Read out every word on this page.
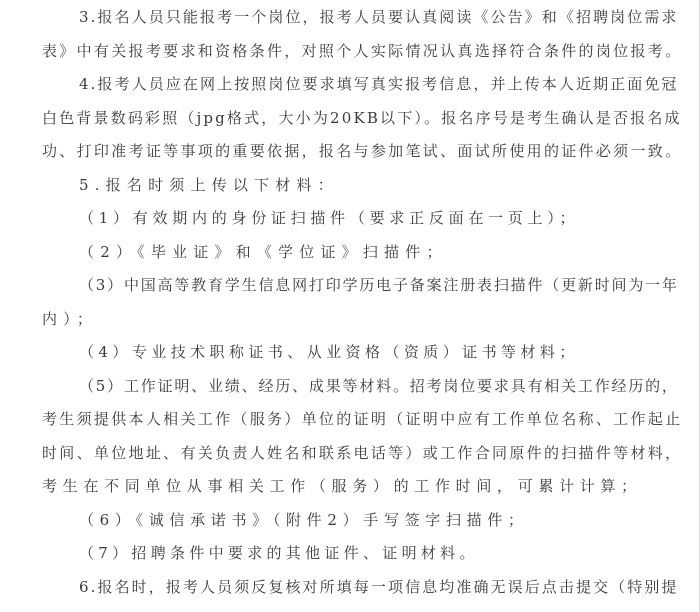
3.报名人员只能报考一个岗位，报考人员要认真阅读《公告》和《招聘岗位需求
表》中有关报考要求和资格条件，对照个人实际情况认真选择符合条件的岗位报考。
4.报考人员应在网上按照岗位要求填写真实报考信息，并上传本人近期正面免冠
白色背景数码彩照（jpg格式，大小为20KB以下）。报名序号是考生确认是否报名成
功、打印准考证等事项的重要依据，报名与参加笔试、面试所使用的证件必须一致。
5.报名时须上传以下材料：
（1）有效期内的身份证扫描件（要求正反面在一页上）；
（2）《毕业证》和《学位证》扫描件；
（3）中国高等教育学生信息网打印学历电子备案注册表扫描件（更新时间为一年
内）；
（4）专业技术职称证书、从业资格（资质）证书等材料；
（5）工作证明、业绩、经历、成果等材料。招考岗位要求具有相关工作经历的，
考生须提供本人相关工作（服务）单位的证明（证明中应有工作单位名称、工作起止
时间、单位地址、有关负责人姓名和联系电话等）或工作合同原件的扫描件等材料，
考生在不同单位从事相关工作（服务）的工作时间，可累计计算；
（6）《诚信承诺书》（附件2）手写签字扫描件；
（7）招聘条件中要求的其他证件、证明材料。
6.报名时，报考人员须反复核对所填每一项信息均准确无误后点击提交（特别提
